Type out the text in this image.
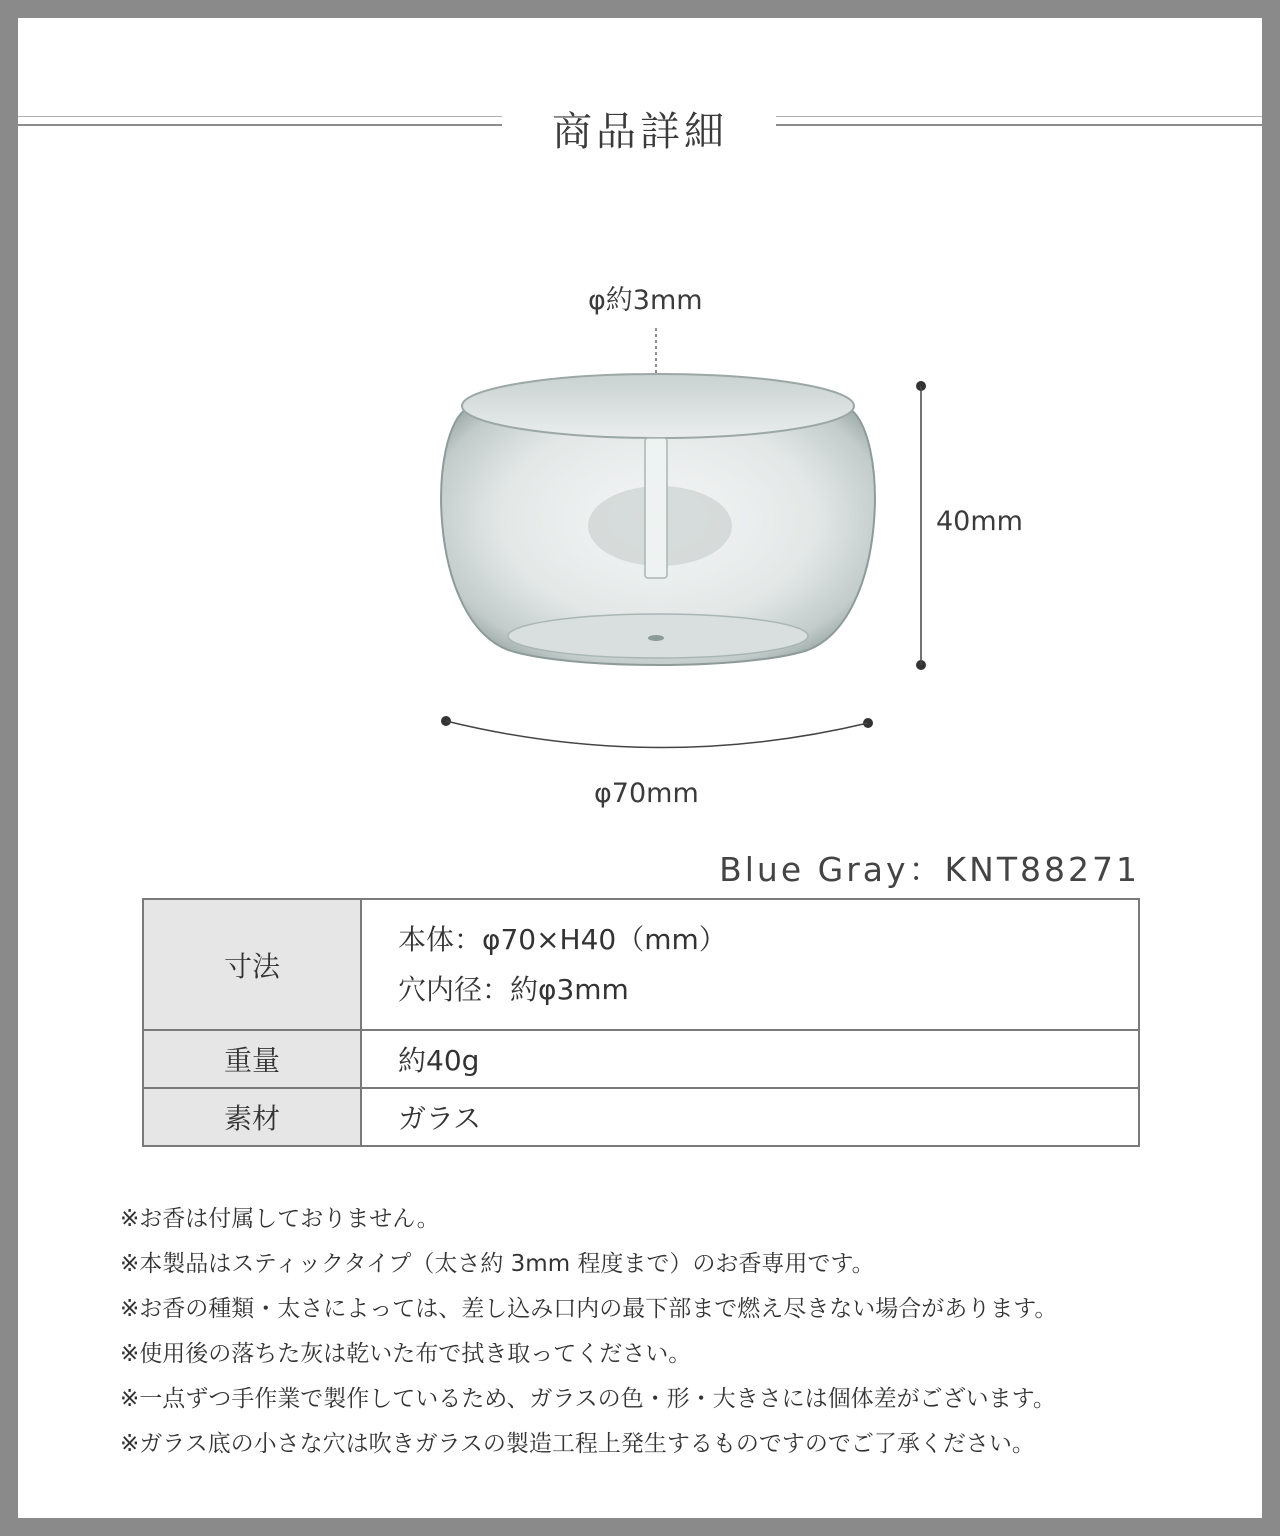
商品詳細
φ約3mm
40mm
φ70mm
Blue Gray：KNT88271
寸法	本体：φ70×H40（mm）
穴内径：約φ3mm

重量	約40g
素材	ガラス
※お香は付属しておりません。
※本製品はスティックタイプ（太さ約 3mm 程度まで）のお香専用です。
※お香の種類・太さによっては、差し込み口内の最下部まで燃え尽きない場合があります。
※使用後の落ちた灰は乾いた布で拭き取ってください。
※一点ずつ手作業で製作しているため、ガラスの色・形・大きさには個体差がございます。
※ガラス底の小さな穴は吹きガラスの製造工程上発生するものですのでご了承ください。
